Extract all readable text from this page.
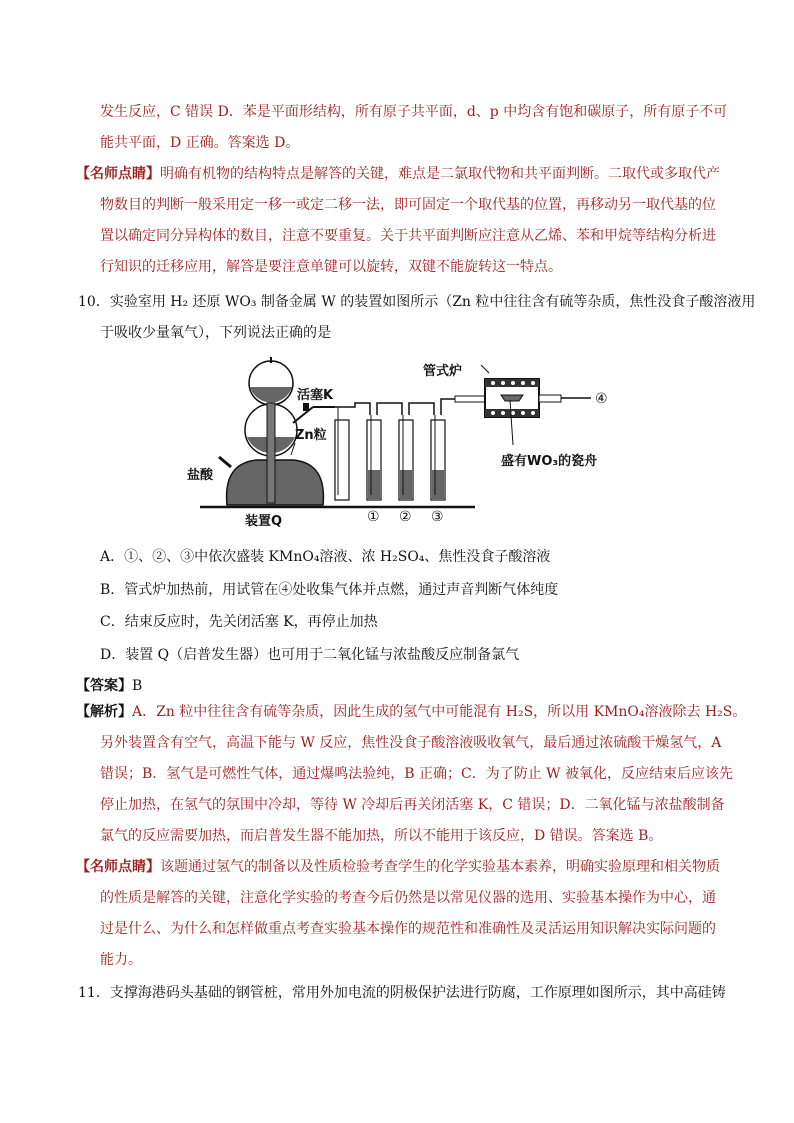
发生反应，C 错误 D．苯是平面形结构，所有原子共平面，d、p 中均含有饱和碳原子，所有原子不可
能共平面，D 正确。答案选 D。
【名师点睛】明确有机物的结构特点是解答的关键，难点是二氯取代物和共平面判断。二取代或多取代产
物数目的判断一般采用定一移一或定二移一法，即可固定一个取代基的位置，再移动另一取代基的位
置以确定同分异构体的数目，注意不要重复。关于共平面判断应注意从乙烯、苯和甲烷等结构分析进
行知识的迁移应用，解答是要注意单键可以旋转，双键不能旋转这一特点。
10．实验室用 H₂ 还原 WO₃ 制备金属 W 的装置如图所示（Zn 粒中往往含有硫等杂质，焦性没食子酸溶液用
于吸收少量氧气），下列说法正确的是
管式炉
活塞K
Zn粒
盐酸
装置Q
盛有WO₃的瓷舟
① ② ③
④
A．①、②、③中依次盛装 KMnO₄溶液、浓 H₂SO₄、焦性没食子酸溶液
B．管式炉加热前，用试管在④处收集气体并点燃，通过声音判断气体纯度
C．结束反应时，先关闭活塞 K，再停止加热
D．装置 Q（启普发生器）也可用于二氧化锰与浓盐酸反应制备氯气
【答案】B
【解析】A．Zn 粒中往往含有硫等杂质，因此生成的氢气中可能混有 H₂S，所以用 KMnO₄溶液除去 H₂S。
另外装置含有空气，高温下能与 W 反应，焦性没食子酸溶液吸收氧气，最后通过浓硫酸干燥氢气，A
错误；B．氢气是可燃性气体，通过爆鸣法验纯，B 正确；C．为了防止 W 被氧化，反应结束后应该先
停止加热，在氢气的氛围中冷却，等待 W 冷却后再关闭活塞 K，C 错误；D．二氧化锰与浓盐酸制备
氯气的反应需要加热，而启普发生器不能加热，所以不能用于该反应，D 错误。答案选 B。
【名师点睛】该题通过氢气的制备以及性质检验考查学生的化学实验基本素养，明确实验原理和相关物质
的性质是解答的关键，注意化学实验的考查今后仍然是以常见仪器的选用、实验基本操作为中心，通
过是什么、为什么和怎样做重点考查实验基本操作的规范性和准确性及灵活运用知识解决实际问题的
能力。
11．支撑海港码头基础的钢管桩，常用外加电流的阴极保护法进行防腐，工作原理如图所示，其中高硅铸
